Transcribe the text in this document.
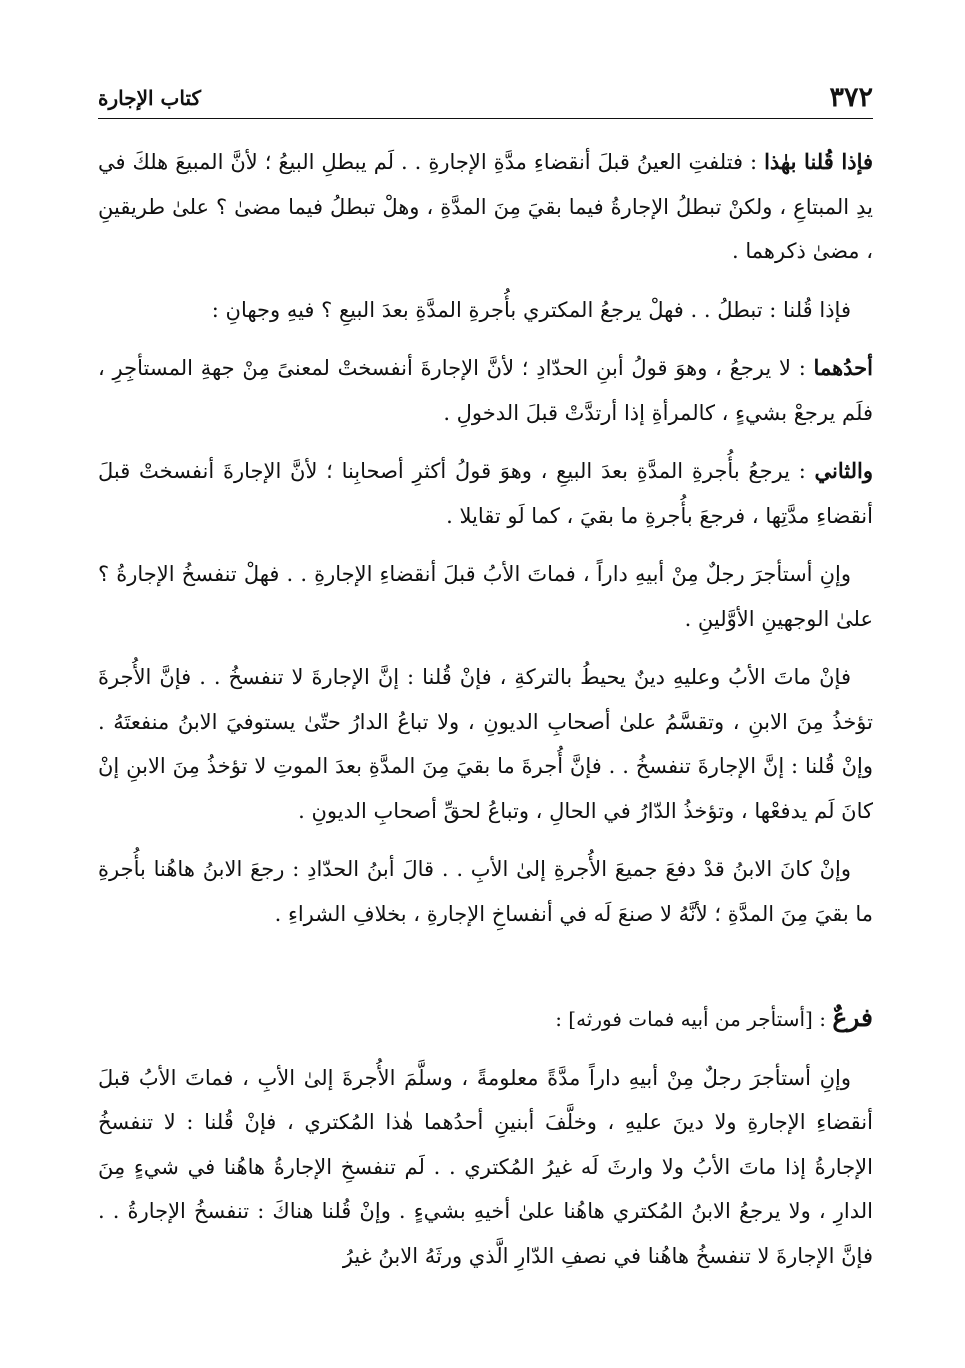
٣٧٢
كتاب الإجارة

فإذا قُلنا بهٰذا : فتلفتِ العينُ قبلَ أنقضاءِ مدَّةِ الإجارةِ . . لَم يبطلِ البيعُ ؛ لأنَّ المبيعَ هلكَ في يدِ المبتاعِ ، ولكنْ تبطلُ الإجارةُ فيما بقيَ مِنَ المدَّةِ ، وهلْ تبطلُ فيما مضىٰ ؟ علىٰ طريقينِ ، مضىٰ ذكرهما .

فإذا قُلنا : تبطلُ . . فهلْ يرجعُ المكتري بأُجرةِ المدَّةِ بعدَ البيعِ ؟ فيهِ وجهانِ :

أحدُهما : لا يرجعُ ، وهوَ قولُ أبنِ الحدّادِ ؛ لأنَّ الإجارةَ أنفسختْ لمعنىً مِنْ جهةِ المستأجِرِ ، فلَم يرجعْ بشيءٍ ، كالمرأةِ إذا أرتدَّتْ قبلَ الدخولِ .

والثاني : يرجعُ بأُجرةِ المدَّةِ بعدَ البيعِ ، وهوَ قولُ أكثرِ أصحابِنا ؛ لأنَّ الإجارةَ أنفسختْ قبلَ أنقضاءِ مدَّتِها ، فرجعَ بأُجرةِ ما بقيَ ، كما لَو تقايلا .

وإنِ أستأجرَ رجلٌ مِنْ أبيهِ داراً ، فماتَ الأبُ قبلَ أنقضاءِ الإجارةِ . . فهلْ تنفسخُ الإجارةُ ؟ علىٰ الوجهينِ الأوَّلينِ .

فإنْ ماتَ الأبُ وعليهِ دينٌ يحيطُ بالتركةِ ، فإنْ قُلنا : إنَّ الإجارةَ لا تنفسخُ . . فإنَّ الأُجرةَ تؤخذُ مِنَ الابنِ ، وتقسَّمُ علىٰ أصحابِ الديونِ ، ولا تباعُ الدارُ حتّىٰ يستوفيَ الابنُ منفعتَهُ . وإنْ قُلنا : إنَّ الإجارةَ تنفسخُ . . فإنَّ أُجرةَ ما بقيَ مِنَ المدَّةِ بعدَ الموتِ لا تؤخذُ مِنَ الابنِ إنْ كانَ لَم يدفعْها ، وتؤخذُ الدّارُ في الحالِ ، وتباعُ لحقِّ أصحابِ الديونِ .

وإنْ كانَ الابنُ قدْ دفعَ جميعَ الأُجرةِ إلىٰ الأبِ . . قالَ أبنُ الحدّادِ : رجعَ الابنُ هاهُنا بأُجرةِ ما بقيَ مِنَ المدَّةِ ؛ لأنَّهُ لا صنعَ لَه في أنفساخِ الإجارةِ ، بخلافِ الشراءِ .

فرعٌ : [أستأجر من أبيه فمات فورثه] :

وإنِ أستأجرَ رجلٌ مِنْ أبيهِ داراً مدَّةً معلومةً ، وسلَّمَ الأُجرةَ إلىٰ الأبِ ، فماتَ الأبُ قبلَ أنقضاءِ الإجارةِ ولا دينَ عليهِ ، وخلَّفَ أبنينِ أحدُهما هٰذا المُكتري ، فإنْ قُلنا : لا تنفسخُ الإجارةُ إذا ماتَ الأبُ ولا وارثَ لَه غيرُ المُكتري . . لَم تنفسخِ الإجارةُ هاهُنا في شيءٍ مِنَ الدارِ ، ولا يرجعُ الابنُ المُكتري هاهُنا علىٰ أخيهِ بشيءٍ . وإنْ قُلنا هناكَ : تنفسخُ الإجارةُ . . فإنَّ الإجارةَ لا تنفسخُ هاهُنا في نصفِ الدّارِ الَّذي ورثَهُ الابنُ غيرُ
